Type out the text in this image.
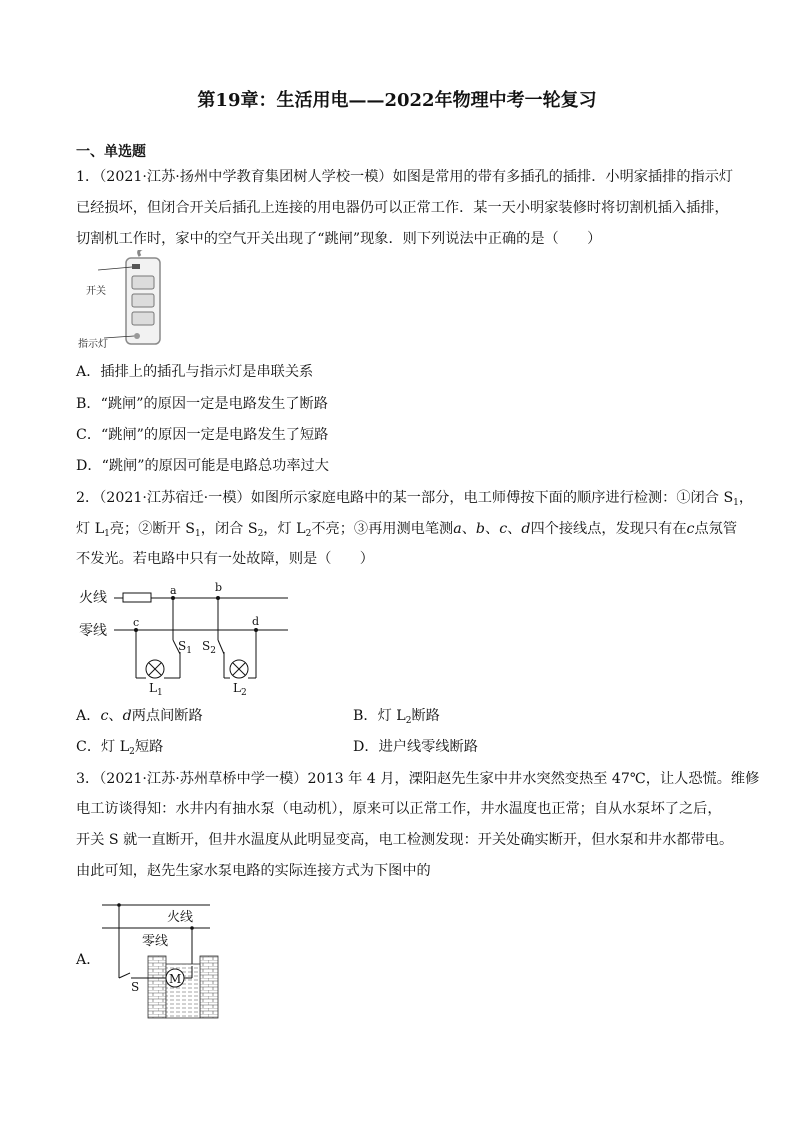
第19章：生活用电——2022年物理中考一轮复习
一、单选题
1．（2021·江苏·扬州中学教育集团树人学校一模）如图是常用的带有多插孔的插排．小明家插排的指示灯
已经损坏，但闭合开关后插孔上连接的用电器仍可以正常工作．某一天小明家装修时将切割机插入插排，
切割机工作时，家中的空气开关出现了“跳闸”现象．则下列说法中正确的是（　　）
开关
指示灯
A．插排上的插孔与指示灯是串联关系
B．“跳闸”的原因一定是电路发生了断路
C．“跳闸”的原因一定是电路发生了短路
D．“跳闸”的原因可能是电路总功率过大
2．（2021·江苏宿迁·一模）如图所示家庭电路中的某一部分，电工师傅按下面的顺序进行检测：①闭合 $S_1$，
灯 $L_1$亮；②断开 $S_1$，闭合 $S_2$，灯 $L_2$不亮；③再用测电笔测a、b、c、d四个接线点，发现只有在c点氖管
不发光。若电路中只有一处故障，则是（　　）
火线
零线
a	b
c	d
$S_1$
$L_1$
$S_2$
$L_2$
A．c、d两点间断路	B．灯 $L_2$断路
C．灯 $L_2$短路	D．进户线零线断路
3．（2021·江苏·苏州草桥中学一模）2013 年 4 月，溧阳赵先生家中井水突然变热至 47℃，让人恐慌。维修
电工访谈得知：水井内有抽水泵（电动机），原来可以正常工作，井水温度也正常；自从水泵坏了之后，
开关 S 就一直断开，但井水温度从此明显变高，电工检测发现：开关处确实断开，但水泵和井水都带电。
由此可知，赵先生家水泵电路的实际连接方式为下图中的
A．
火线
零线
S
M
